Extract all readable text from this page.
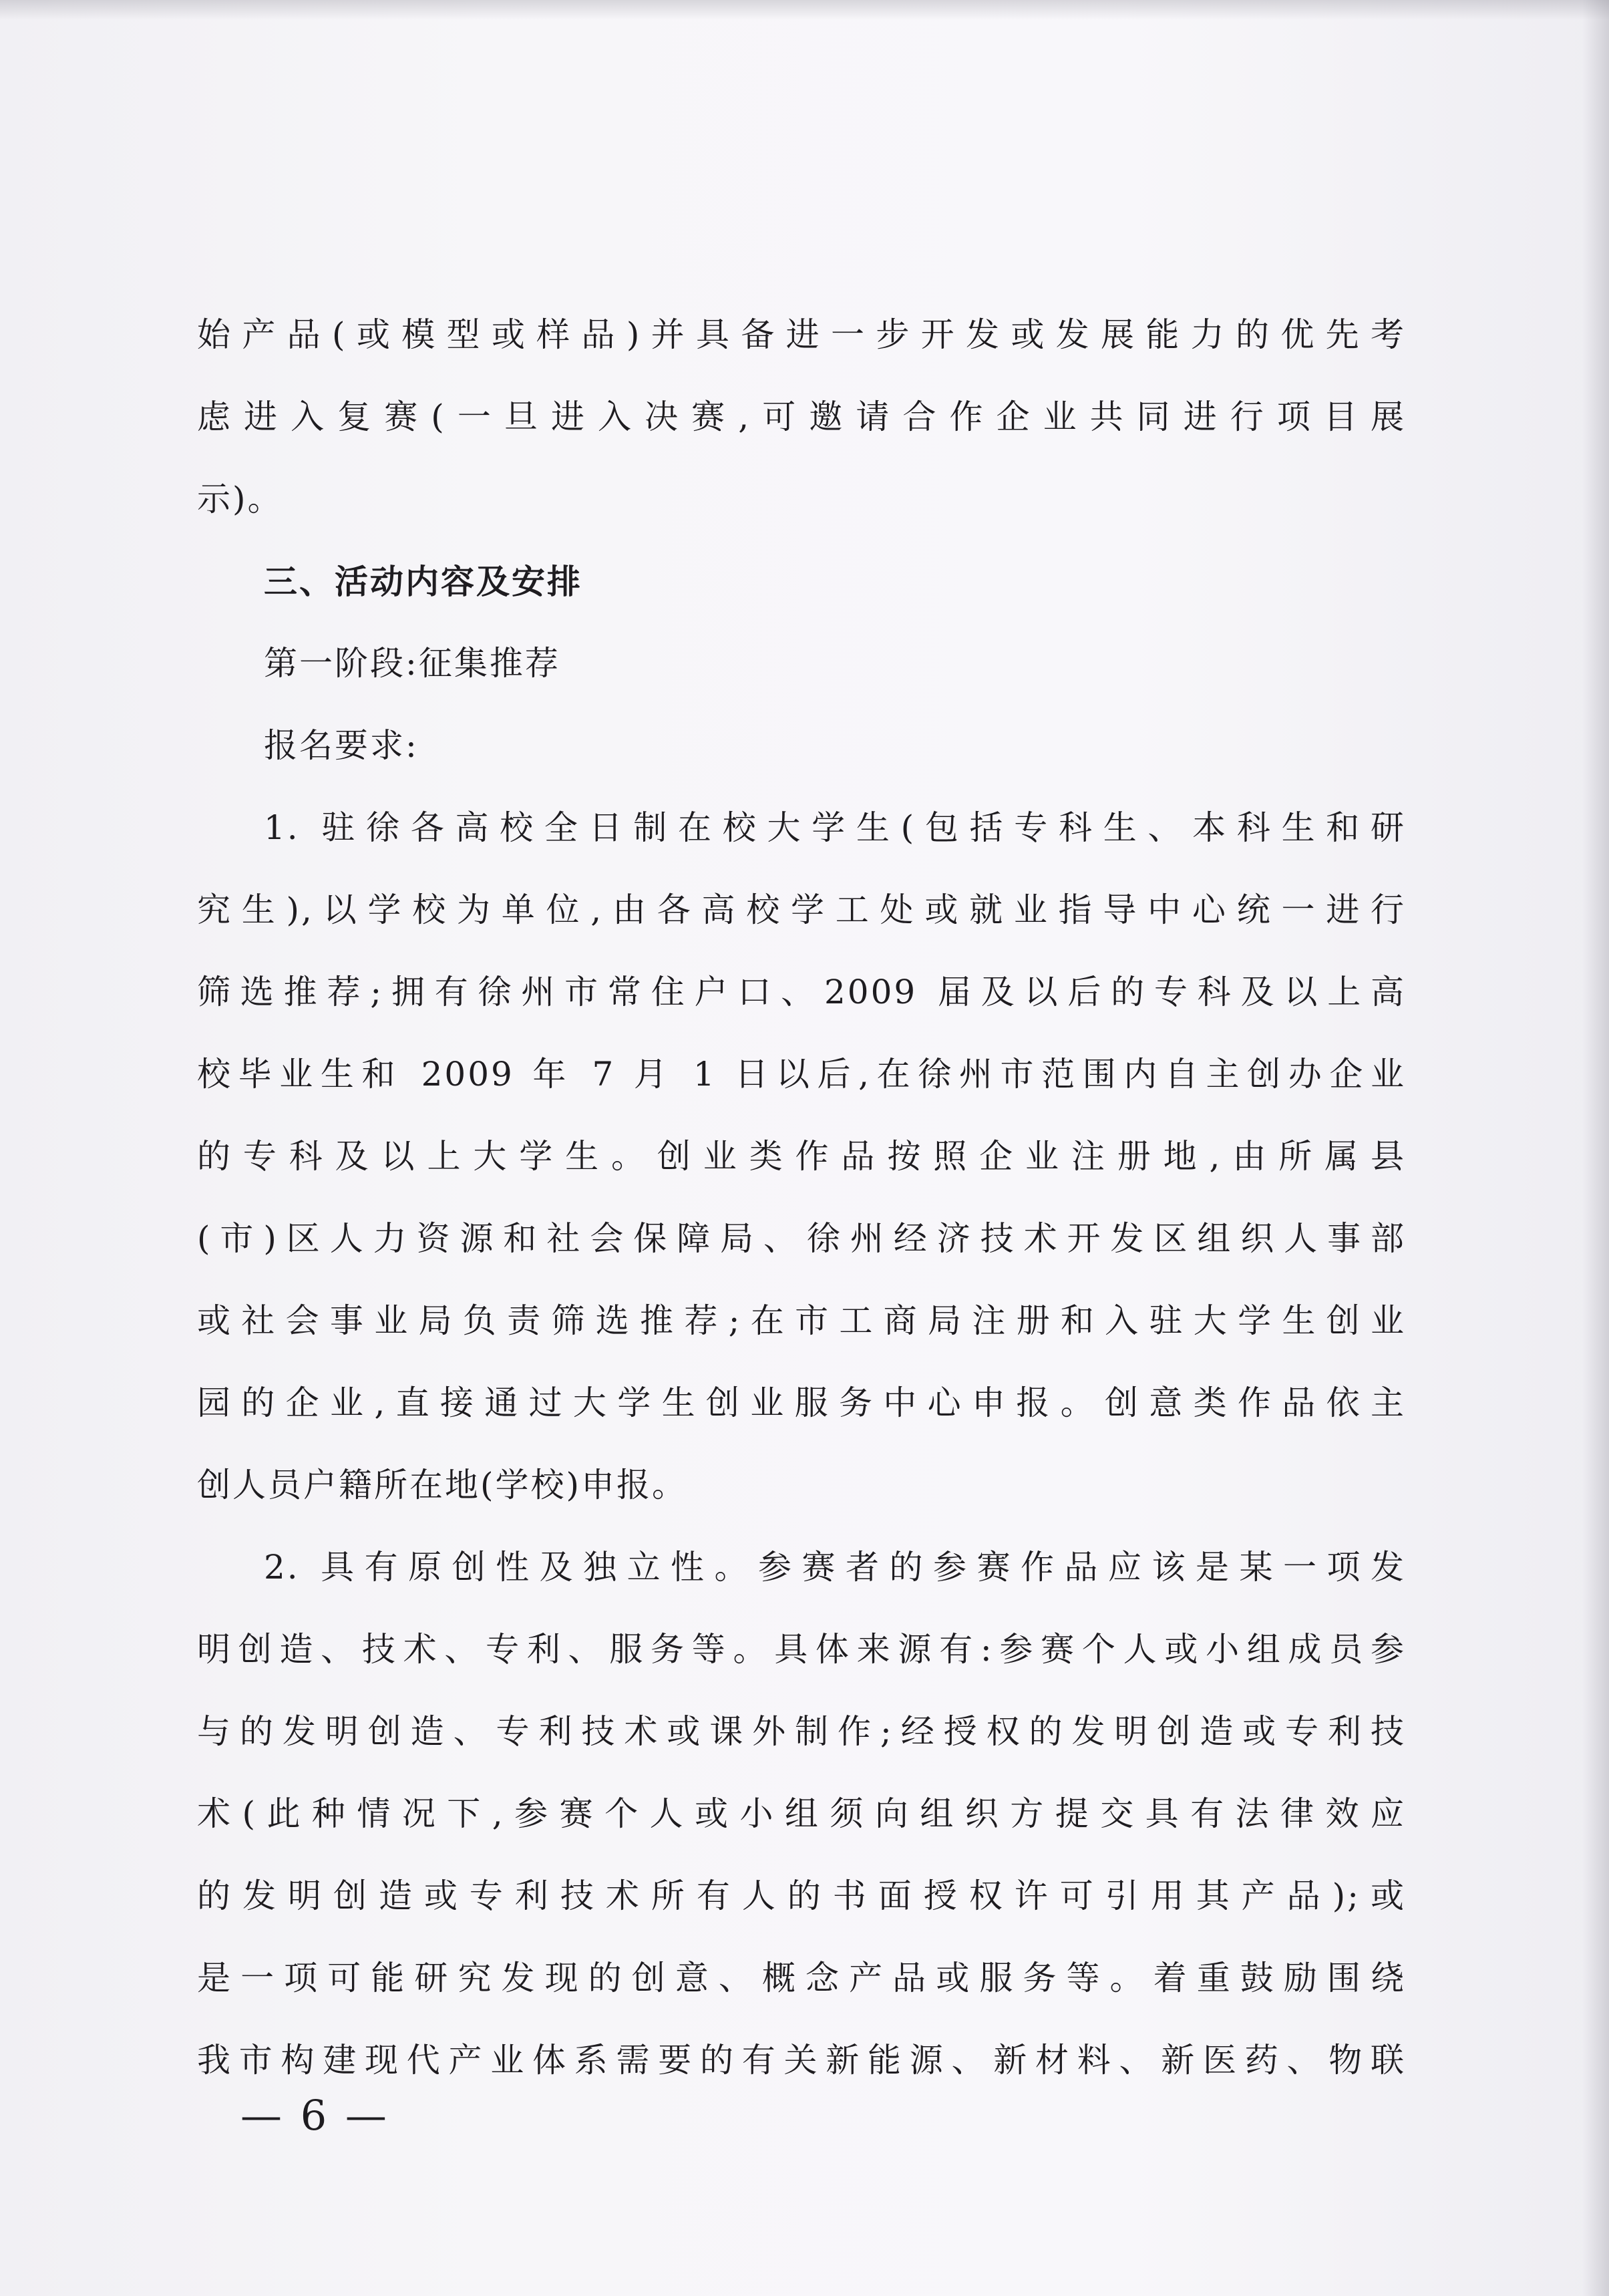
始产品(或模型或样品)并具备进一步开发或发展能力的优先考
虑进入复赛(一旦进入决赛,可邀请合作企业共同进行项目展
示)。
三、活动内容及安排
第一阶段:征集推荐
报名要求:
1. 驻徐各高校全日制在校大学生(包括专科生、本科生和研
究生),以学校为单位,由各高校学工处或就业指导中心统一进行
筛选推荐;拥有徐州市常住户口、2009 届及以后的专科及以上高
校毕业生和 2009 年 7 月 1 日以后,在徐州市范围内自主创办企业
的专科及以上大学生。创业类作品按照企业注册地,由所属县
(市)区人力资源和社会保障局、徐州经济技术开发区组织人事部
或社会事业局负责筛选推荐;在市工商局注册和入驻大学生创业
园的企业,直接通过大学生创业服务中心申报。创意类作品依主
创人员户籍所在地(学校)申报。
2. 具有原创性及独立性。参赛者的参赛作品应该是某一项发
明创造、技术、专利、服务等。具体来源有:参赛个人或小组成员参
与的发明创造、专利技术或课外制作;经授权的发明创造或专利技
术(此种情况下,参赛个人或小组须向组织方提交具有法律效应
的发明创造或专利技术所有人的书面授权许可引用其产品);或
是一项可能研究发现的创意、概念产品或服务等。着重鼓励围绕
我市构建现代产业体系需要的有关新能源、新材料、新医药、物联
— 6 —
